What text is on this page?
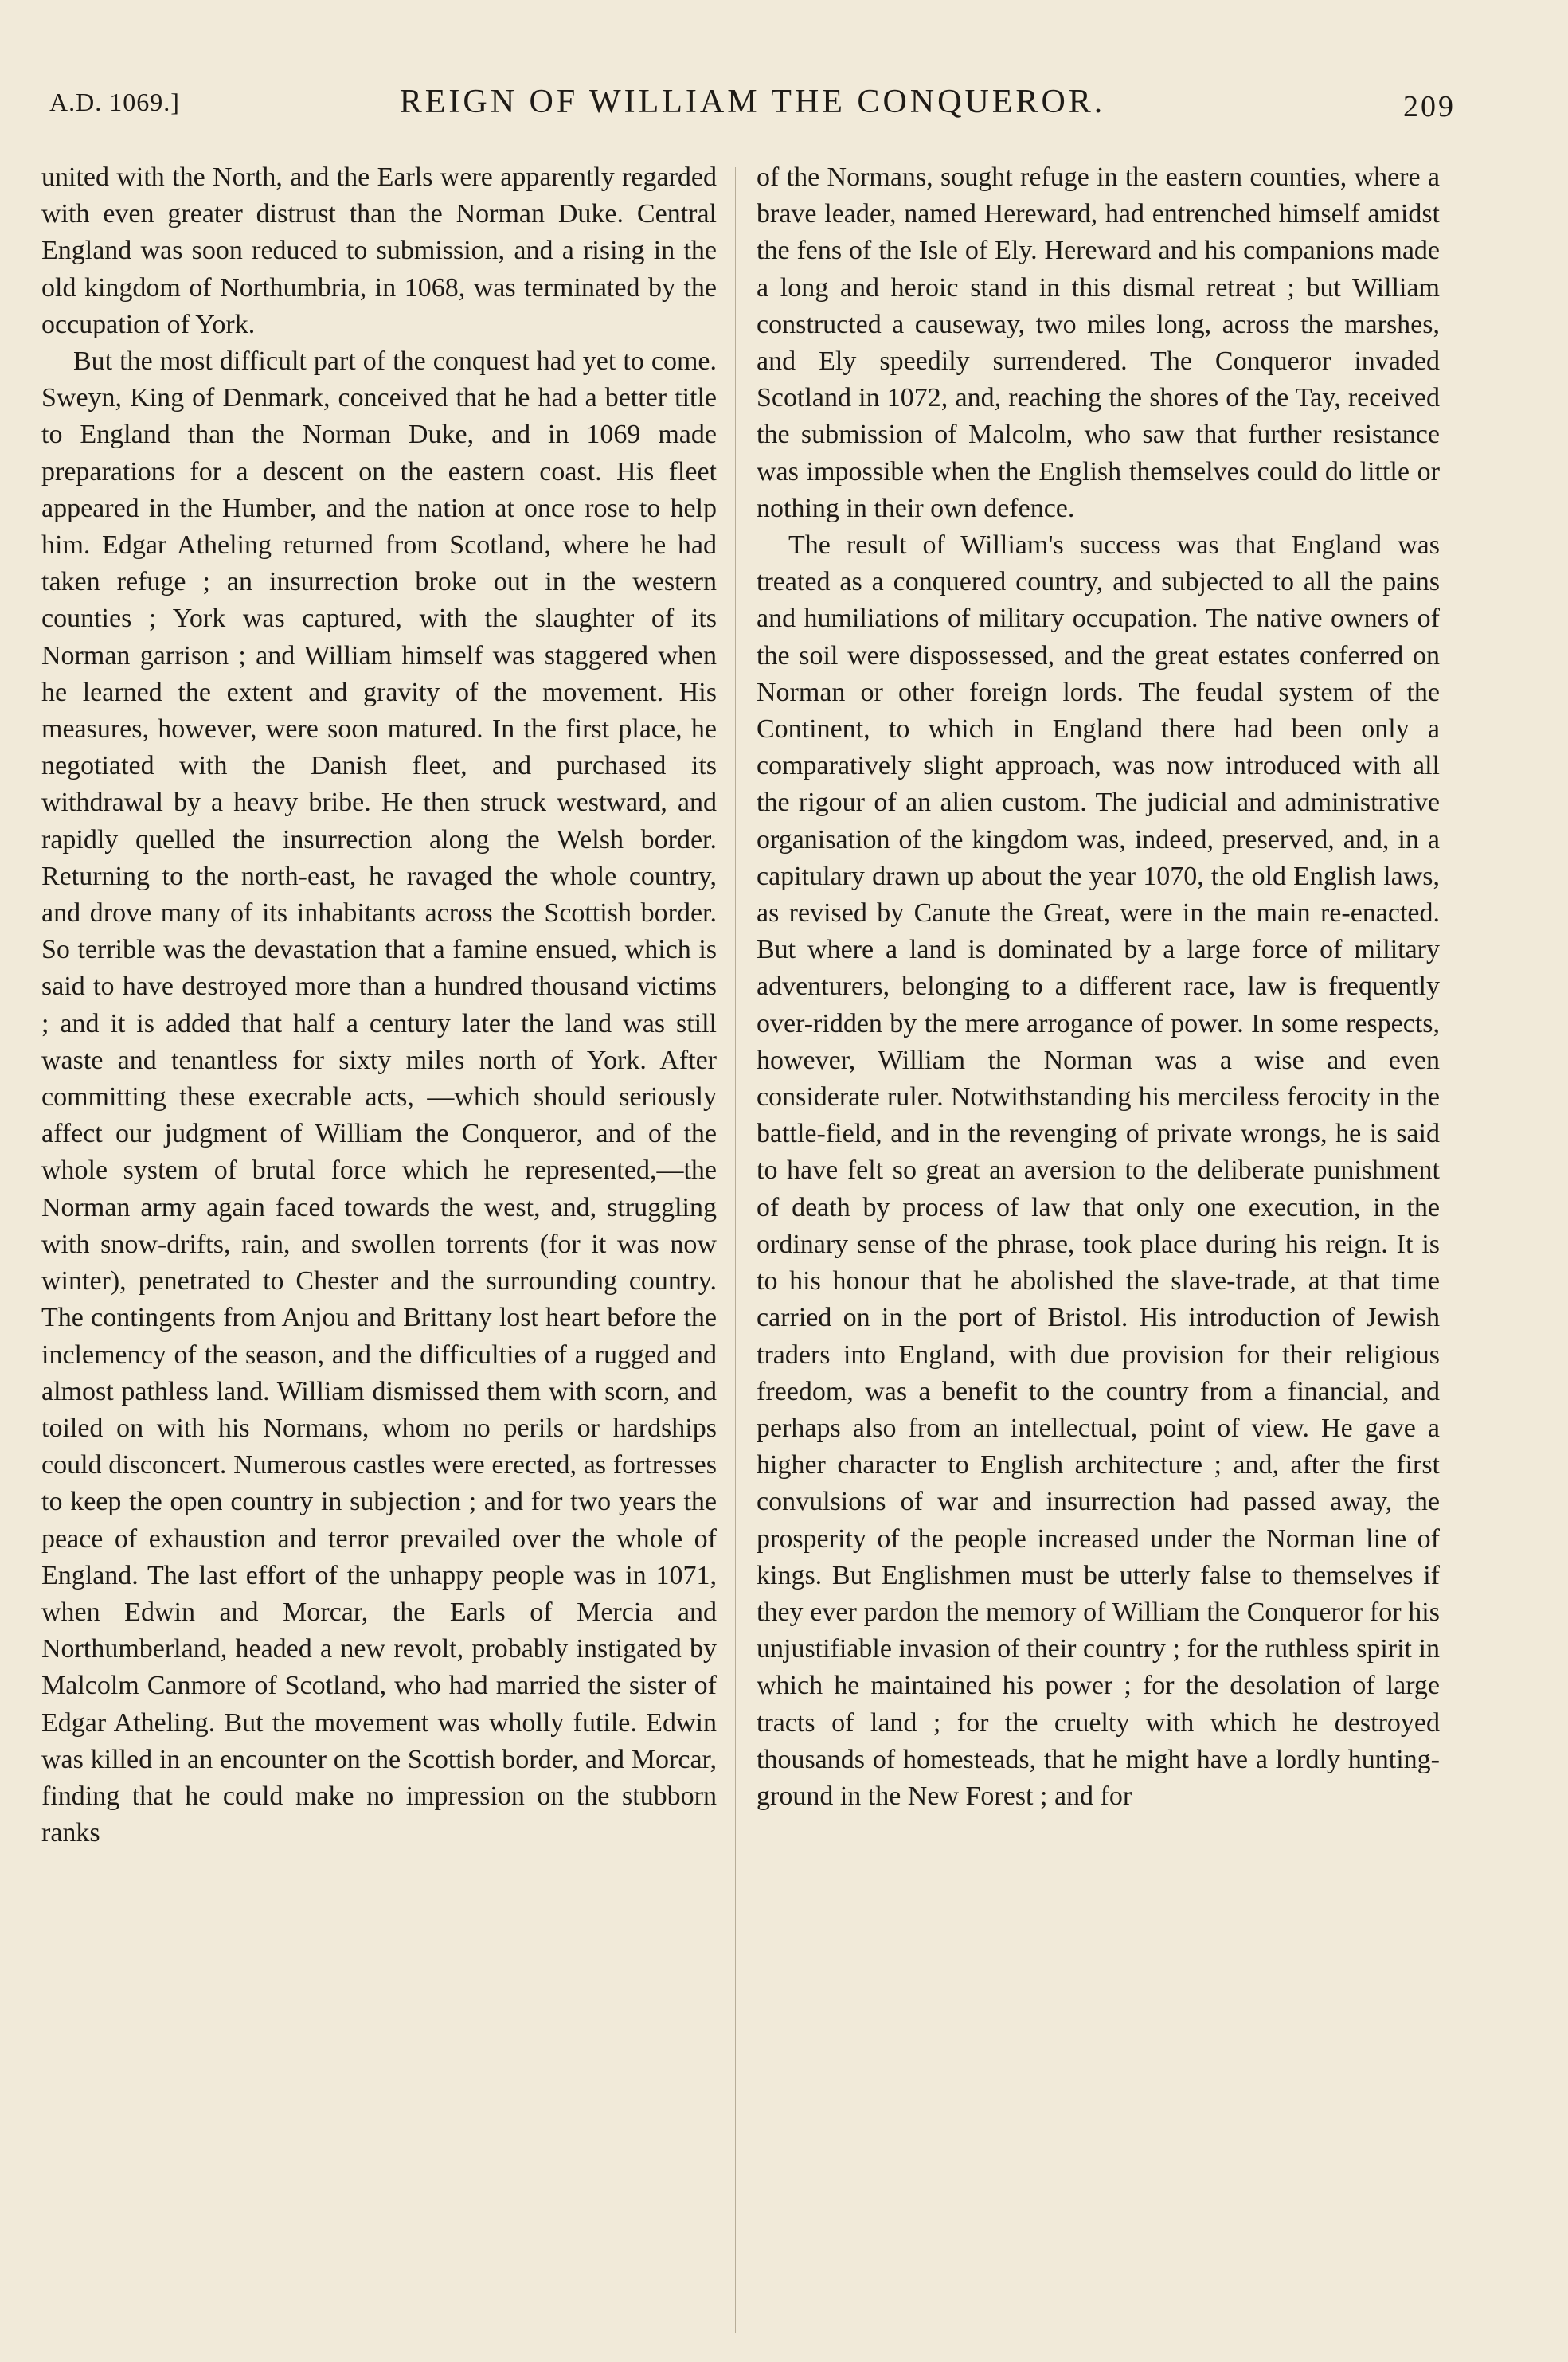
A.D. 1069.]	REIGN OF WILLIAM THE CONQUEROR.	209

united with the North, and the Earls were apparently regarded with even greater distrust than the Norman Duke. Central England was soon reduced to submission, and a rising in the old kingdom of Northumbria, in 1068, was terminated by the occupation of York.

But the most difficult part of the conquest had yet to come. Sweyn, King of Denmark, conceived that he had a better title to England than the Norman Duke, and in 1069 made preparations for a descent on the eastern coast. His fleet appeared in the Humber, and the nation at once rose to help him. Edgar Atheling returned from Scotland, where he had taken refuge ; an insurrection broke out in the western counties ; York was captured, with the slaughter of its Norman garrison ; and William himself was staggered when he learned the extent and gravity of the movement. His measures, however, were soon matured. In the first place, he negotiated with the Danish fleet, and purchased its withdrawal by a heavy bribe. He then struck westward, and rapidly quelled the insurrection along the Welsh border. Returning to the north-east, he ravaged the whole country, and drove many of its inhabitants across the Scottish border. So terrible was the devastation that a famine ensued, which is said to have destroyed more than a hundred thousand victims ; and it is added that half a century later the land was still waste and tenantless for sixty miles north of York. After committing these execrable acts, —which should seriously affect our judgment of William the Conqueror, and of the whole system of brutal force which he represented,—the Norman army again faced towards the west, and, struggling with snow-drifts, rain, and swollen torrents (for it was now winter), penetrated to Chester and the surrounding country. The contingents from Anjou and Brittany lost heart before the inclemency of the season, and the difficulties of a rugged and almost pathless land. William dismissed them with scorn, and toiled on with his Normans, whom no perils or hardships could disconcert. Numerous castles were erected, as fortresses to keep the open country in subjection ; and for two years the peace of exhaustion and terror prevailed over the whole of England. The last effort of the unhappy people was in 1071, when Edwin and Morcar, the Earls of Mercia and Northumberland, headed a new revolt, probably instigated by Malcolm Canmore of Scotland, who had married the sister of Edgar Atheling. But the movement was wholly futile. Edwin was killed in an encounter on the Scottish border, and Morcar, finding that he could make no impression on the stubborn ranks

of the Normans, sought refuge in the eastern counties, where a brave leader, named Hereward, had entrenched himself amidst the fens of the Isle of Ely. Hereward and his companions made a long and heroic stand in this dismal retreat ; but William constructed a causeway, two miles long, across the marshes, and Ely speedily surrendered. The Conqueror invaded Scotland in 1072, and, reaching the shores of the Tay, received the submission of Malcolm, who saw that further resistance was impossible when the English themselves could do little or nothing in their own defence.

The result of William's success was that England was treated as a conquered country, and subjected to all the pains and humiliations of military occupation. The native owners of the soil were dispossessed, and the great estates conferred on Norman or other foreign lords. The feudal system of the Continent, to which in England there had been only a comparatively slight approach, was now introduced with all the rigour of an alien custom. The judicial and administrative organisation of the kingdom was, indeed, preserved, and, in a capitulary drawn up about the year 1070, the old English laws, as revised by Canute the Great, were in the main re-enacted. But where a land is dominated by a large force of military adventurers, belonging to a different race, law is frequently over-ridden by the mere arrogance of power. In some respects, however, William the Norman was a wise and even considerate ruler. Notwithstanding his merciless ferocity in the battle-field, and in the revenging of private wrongs, he is said to have felt so great an aversion to the deliberate punishment of death by process of law that only one execution, in the ordinary sense of the phrase, took place during his reign. It is to his honour that he abolished the slave-trade, at that time carried on in the port of Bristol. His introduction of Jewish traders into England, with due provision for their religious freedom, was a benefit to the country from a financial, and perhaps also from an intellectual, point of view. He gave a higher character to English architecture ; and, after the first convulsions of war and insurrection had passed away, the prosperity of the people increased under the Norman line of kings. But Englishmen must be utterly false to themselves if they ever pardon the memory of William the Conqueror for his unjustifiable invasion of their country ; for the ruthless spirit in which he maintained his power ; for the desolation of large tracts of land ; for the cruelty with which he destroyed thousands of homesteads, that he might have a lordly hunting-ground in the New Forest ; and for
